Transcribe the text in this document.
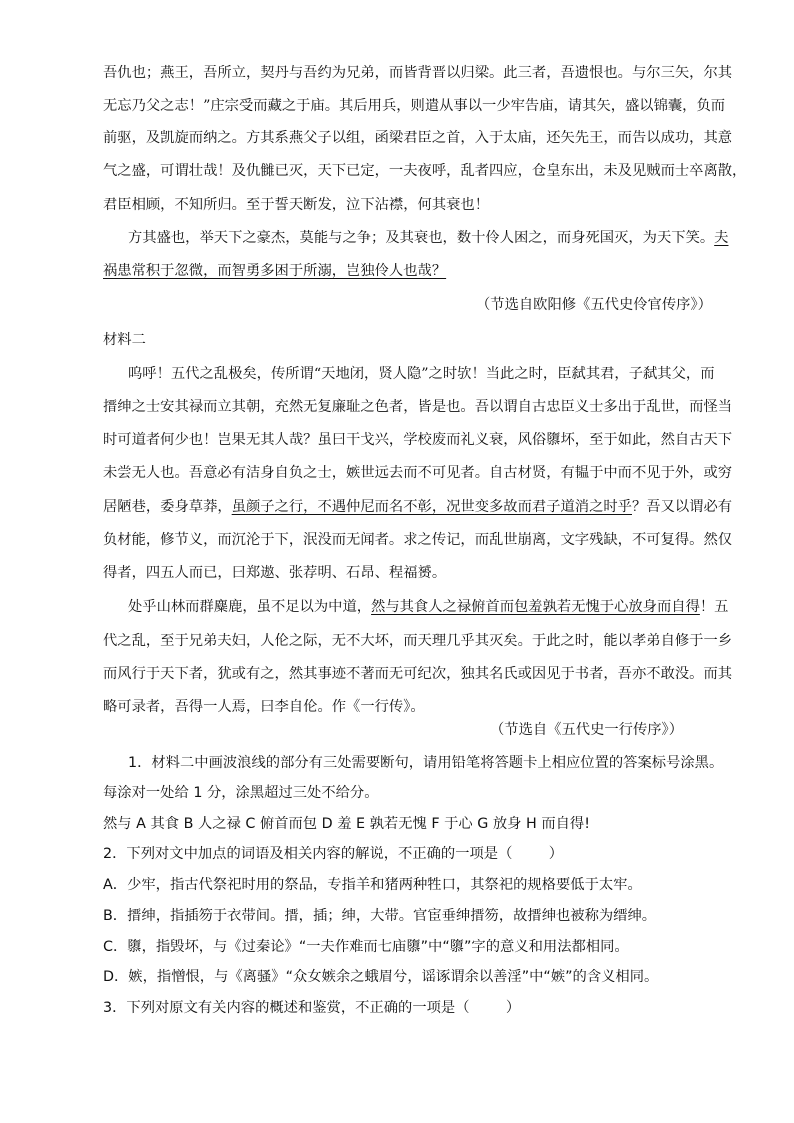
吾仇也；燕王，吾所立，契丹与吾约为兄弟，而皆背晋以归梁。此三者，吾遗恨也。与尔三矢，尔其
无忘乃父之志！”庄宗受而藏之于庙。其后用兵，则遣从事以一少牢告庙，请其矢，盛以锦囊，负而
前驱，及凯旋而纳之。方其系燕父子以组，函梁君臣之首，入于太庙，还矢先王，而告以成功，其意
气之盛，可谓壮哉！及仇雠已灭，天下已定，一夫夜呼，乱者四应，仓皇东出，未及见贼而士卒离散，
君臣相顾，不知所归。至于誓天断发，泣下沾襟，何其衰也！
方其盛也，举天下之豪杰，莫能与之争；及其衰也，数十伶人困之，而身死国灭，为天下笑。夫
祸患常积于忽微，而智勇多困于所溺，岂独伶人也哉？
（节选自欧阳修《五代史伶官传序》）
材料二
呜呼！五代之乱极矣，传所谓“天地闭，贤人隐”之时欤！当此之时，臣弑其君，子弑其父，而
搢绅之士安其禄而立其朝，充然无复廉耻之色者，皆是也。吾以谓自古忠臣义士多出于乱世，而怪当
时可道者何少也！岂果无其人哉？虽曰干戈兴，学校废而礼义衰，风俗隳坏，至于如此，然自古天下
未尝无人也。吾意必有洁身自负之士，嫉世远去而不可见者。自古材贤，有韫于中而不见于外，或穷
居陋巷，委身草莽，虽颜子之行，不遇仲尼而名不彰，况世变多故而君子道消之时乎？吾又以谓必有
负材能，修节义，而沉沦于下，泯没而无闻者。求之传记，而乱世崩离，文字残缺，不可复得。然仅
得者，四五人而已，曰郑遨、张荐明、石昂、程福赟。
处乎山林而群麋鹿，虽不足以为中道，然与其食人之禄俯首而包羞孰若无愧于心放身而自得！五
代之乱，至于兄弟夫妇，人伦之际，无不大坏，而天理几乎其灭矣。于此之时，能以孝弟自修于一乡
而风行于天下者，犹或有之，然其事迹不著而无可纪次，独其名氏或因见于书者，吾亦不敢没。而其
略可录者，吾得一人焉，曰李自伦。作《一行传》。
（节选自《五代史一行传序》）
1．材料二中画波浪线的部分有三处需要断句，请用铅笔将答题卡上相应位置的答案标号涂黑。
每涂对一处给 1 分，涂黑超过三处不给分。
然与 A 其食 B 人之禄 C 俯首而包 D 羞 E 孰若无愧 F 于心 G 放身 H 而自得!
2．下列对文中加点的词语及相关内容的解说，不正确的一项是（        ）
A．少牢，指古代祭祀时用的祭品，专指羊和猪两种牲口，其祭祀的规格要低于太牢。
B．搢绅，指插笏于衣带间。搢，插；绅，大带。官宦垂绅搢笏，故搢绅也被称为缙绅。
C．隳，指毁坏，与《过秦论》“一夫作难而七庙隳”中“隳”字的意义和用法都相同。
D．嫉，指憎恨，与《离骚》“众女嫉余之蛾眉兮，谣诼谓余以善淫”中“嫉”的含义相同。
3．下列对原文有关内容的概述和鉴赏，不正确的一项是（        ）
